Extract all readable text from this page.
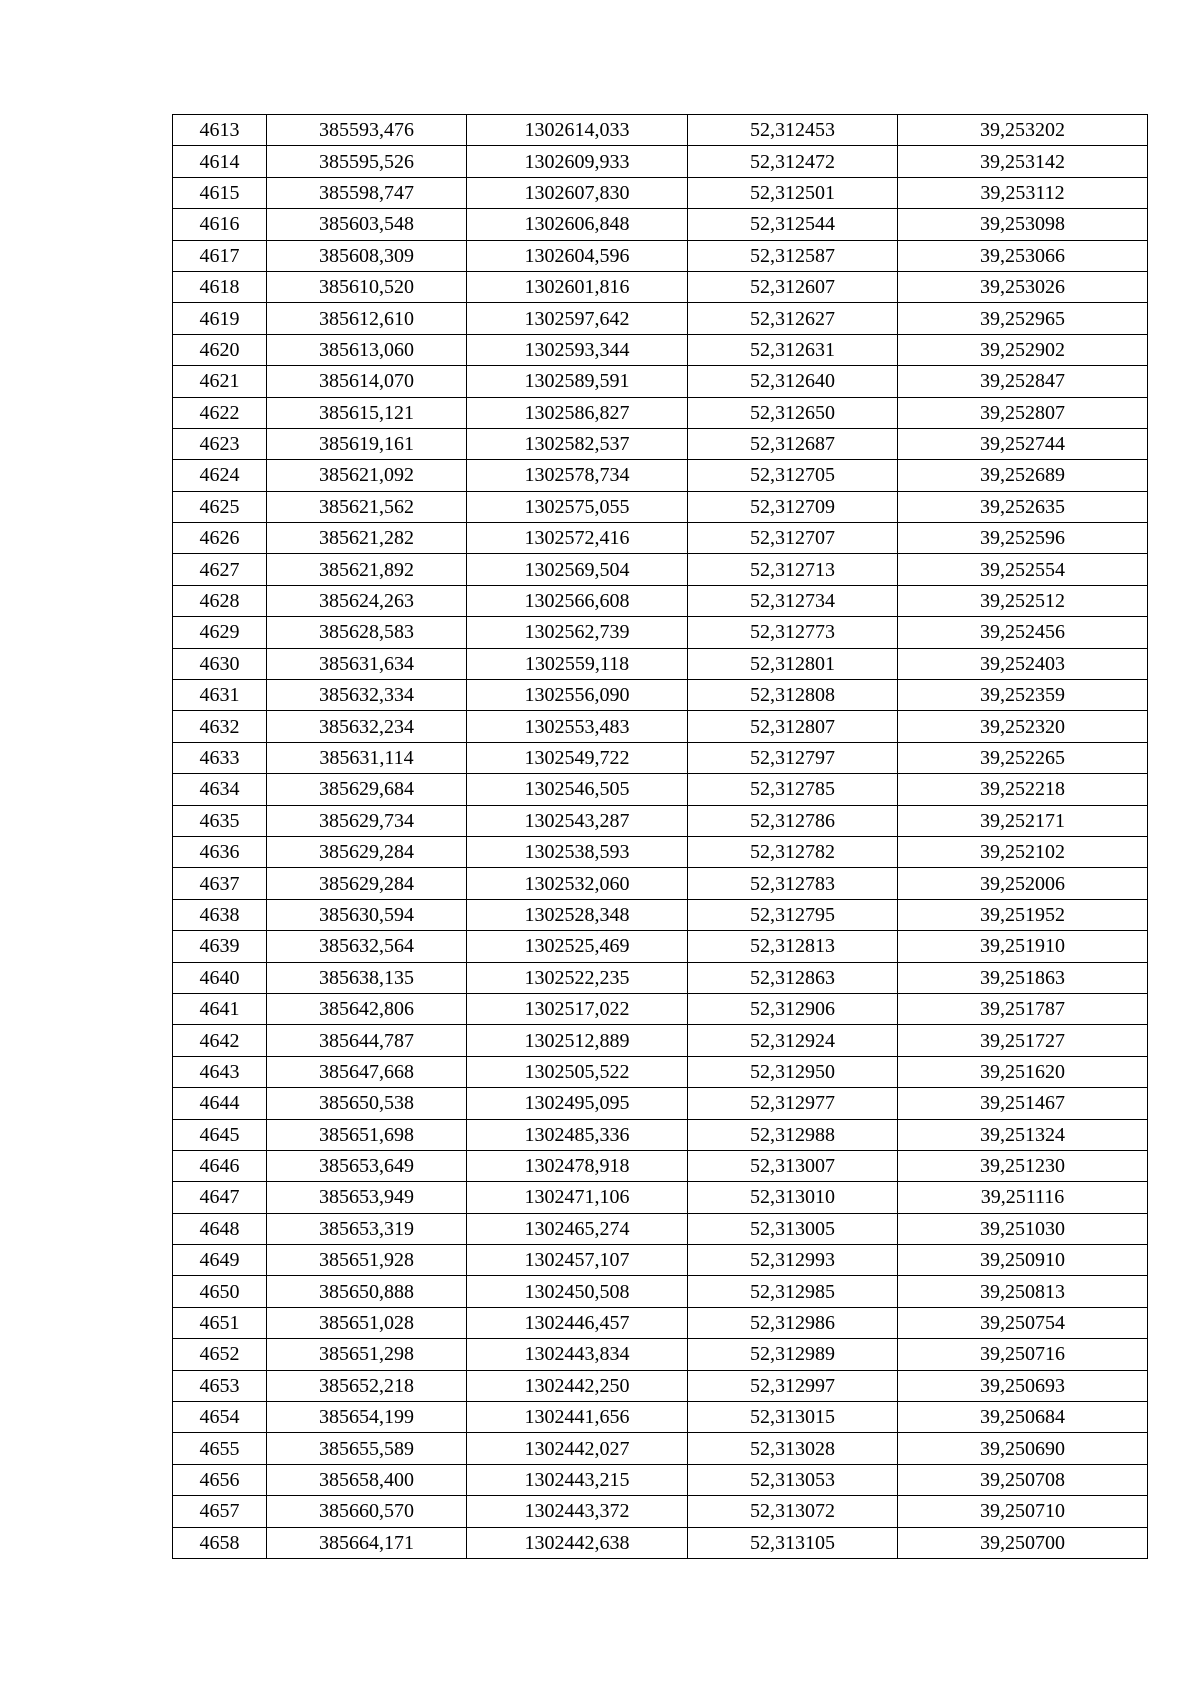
4613	385593,476	1302614,033	52,312453	39,253202
4614	385595,526	1302609,933	52,312472	39,253142
4615	385598,747	1302607,830	52,312501	39,253112
4616	385603,548	1302606,848	52,312544	39,253098
4617	385608,309	1302604,596	52,312587	39,253066
4618	385610,520	1302601,816	52,312607	39,253026
4619	385612,610	1302597,642	52,312627	39,252965
4620	385613,060	1302593,344	52,312631	39,252902
4621	385614,070	1302589,591	52,312640	39,252847
4622	385615,121	1302586,827	52,312650	39,252807
4623	385619,161	1302582,537	52,312687	39,252744
4624	385621,092	1302578,734	52,312705	39,252689
4625	385621,562	1302575,055	52,312709	39,252635
4626	385621,282	1302572,416	52,312707	39,252596
4627	385621,892	1302569,504	52,312713	39,252554
4628	385624,263	1302566,608	52,312734	39,252512
4629	385628,583	1302562,739	52,312773	39,252456
4630	385631,634	1302559,118	52,312801	39,252403
4631	385632,334	1302556,090	52,312808	39,252359
4632	385632,234	1302553,483	52,312807	39,252320
4633	385631,114	1302549,722	52,312797	39,252265
4634	385629,684	1302546,505	52,312785	39,252218
4635	385629,734	1302543,287	52,312786	39,252171
4636	385629,284	1302538,593	52,312782	39,252102
4637	385629,284	1302532,060	52,312783	39,252006
4638	385630,594	1302528,348	52,312795	39,251952
4639	385632,564	1302525,469	52,312813	39,251910
4640	385638,135	1302522,235	52,312863	39,251863
4641	385642,806	1302517,022	52,312906	39,251787
4642	385644,787	1302512,889	52,312924	39,251727
4643	385647,668	1302505,522	52,312950	39,251620
4644	385650,538	1302495,095	52,312977	39,251467
4645	385651,698	1302485,336	52,312988	39,251324
4646	385653,649	1302478,918	52,313007	39,251230
4647	385653,949	1302471,106	52,313010	39,251116
4648	385653,319	1302465,274	52,313005	39,251030
4649	385651,928	1302457,107	52,312993	39,250910
4650	385650,888	1302450,508	52,312985	39,250813
4651	385651,028	1302446,457	52,312986	39,250754
4652	385651,298	1302443,834	52,312989	39,250716
4653	385652,218	1302442,250	52,312997	39,250693
4654	385654,199	1302441,656	52,313015	39,250684
4655	385655,589	1302442,027	52,313028	39,250690
4656	385658,400	1302443,215	52,313053	39,250708
4657	385660,570	1302443,372	52,313072	39,250710
4658	385664,171	1302442,638	52,313105	39,250700
